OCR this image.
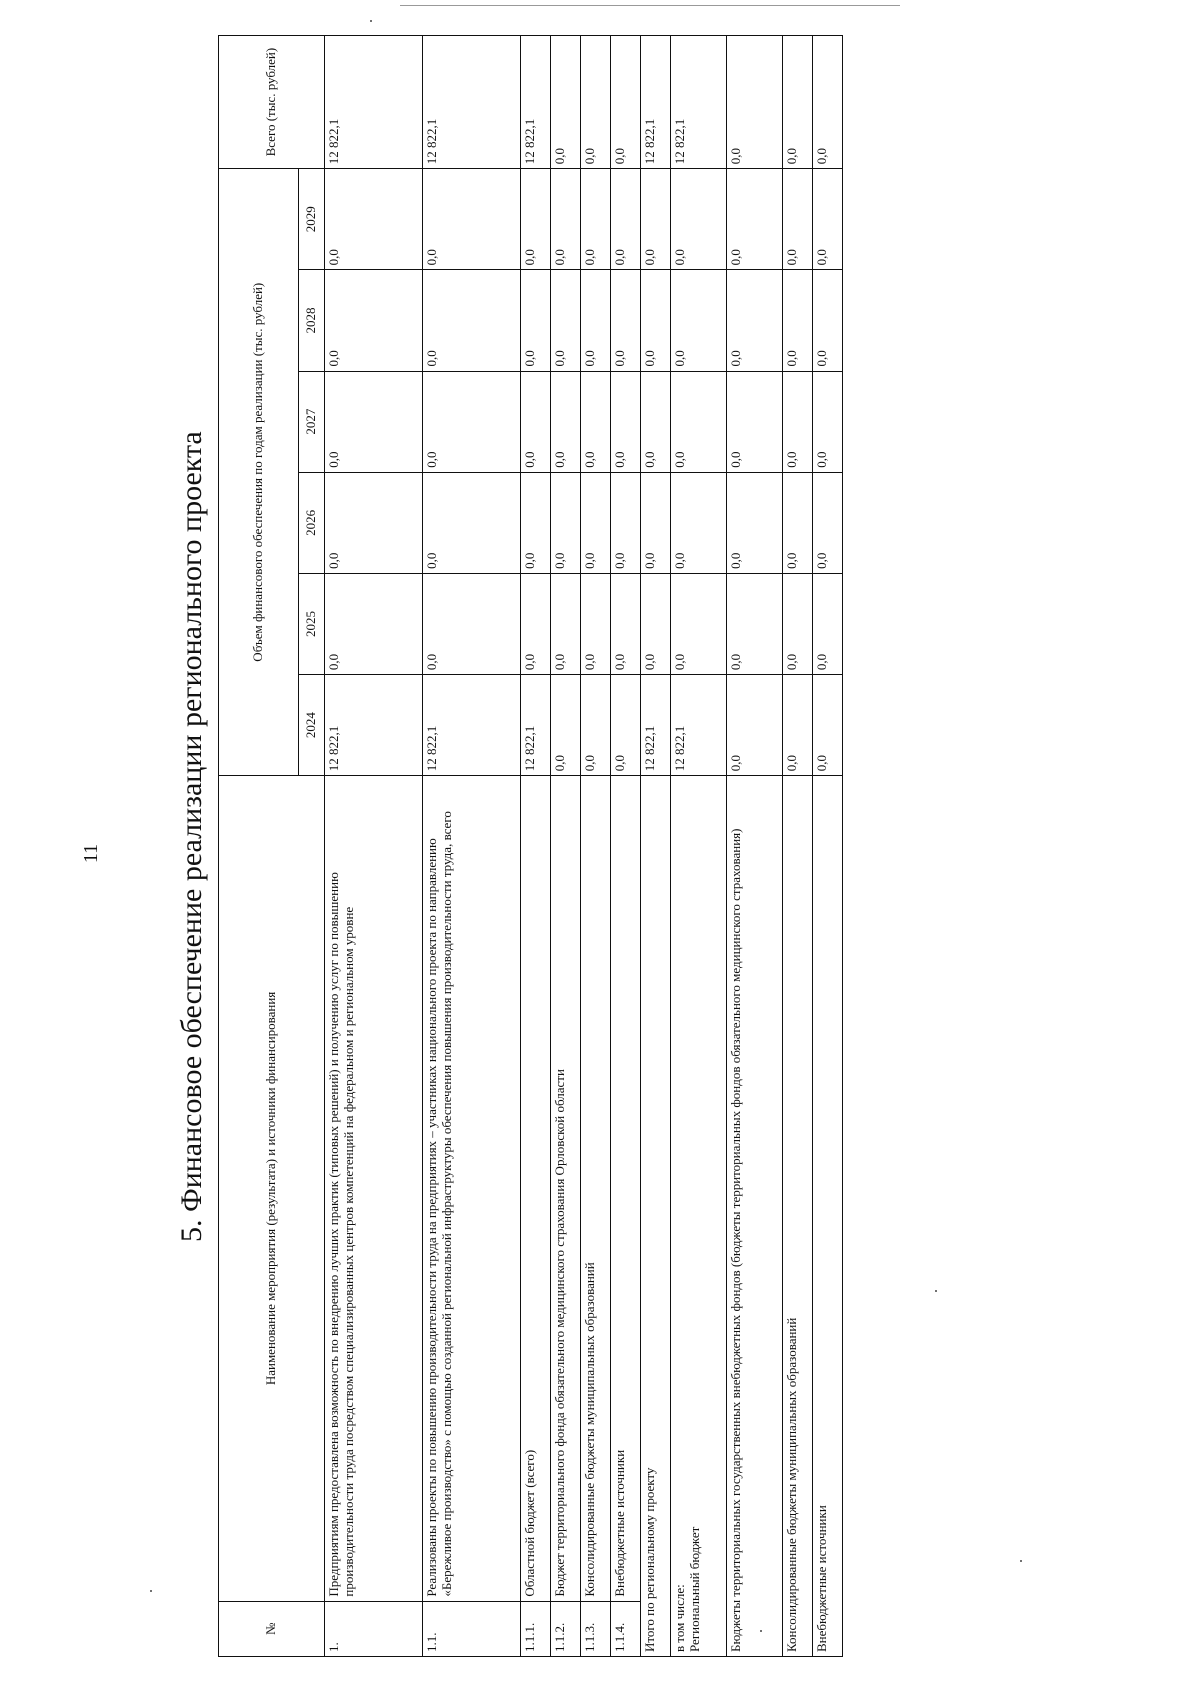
11 5. Финансовое обеспечение реализации регионального проекта
№	Наименование мероприятия (результата) и источники финансирования	Объем финансового обеспечения по годам реализации (тыс. рублей)						Всего (тыс. рублей)
		2024	2025	2026	2027	2028	2029	
1.	Предприятиям предоставлена возможность по внедрению лучших практик (типовых решений) и получению услуг по повышению производительности труда посредством специализированных центров компетенций на федеральном и региональном уровне	12 822,1	0,0	0,0	0,0	0,0	0,0	12 822,1
1.1.	Реализованы проекты по повышению производительности труда на предприятиях – участниках национального проекта по направлению «Бережливое производство» с помощью созданной региональной инфраструктуры обеспечения повышения производительности труда, всего	12 822,1	0,0	0,0	0,0	0,0	0,0	12 822,1
1.1.1.	Областной бюджет (всего)	12 822,1	0,0	0,0	0,0	0,0	0,0	12 822,1
1.1.2.	Бюджет территориального фонда обязательного медицинского страхования Орловской области	0,0	0,0	0,0	0,0	0,0	0,0	0,0
1.1.3.	Консолидированные бюджеты муниципальных образований	0,0	0,0	0,0	0,0	0,0	0,0	0,0
1.1.4.	Внебюджетные источники	0,0	0,0	0,0	0,0	0,0	0,0	0,0
Итого по региональному проекту		12 822,1	0,0	0,0	0,0	0,0	0,0	12 822,1

в том числе: Региональный бюджет		12 822,1	0,0	0,0	0,0	0,0	0,0	12 822,1
Бюджеты территориальных государственных внебюджетных фондов (бюджеты территориальных фондов обязательного медицинского страхования)		0,0	0,0	0,0	0,0	0,0	0,0	0,0
Консолидированные бюджеты муниципальных образований		0,0	0,0	0,0	0,0	0,0	0,0	0,0
Внебюджетные источники		0,0	0,0	0,0	0,0	0,0	0,0	0,0
